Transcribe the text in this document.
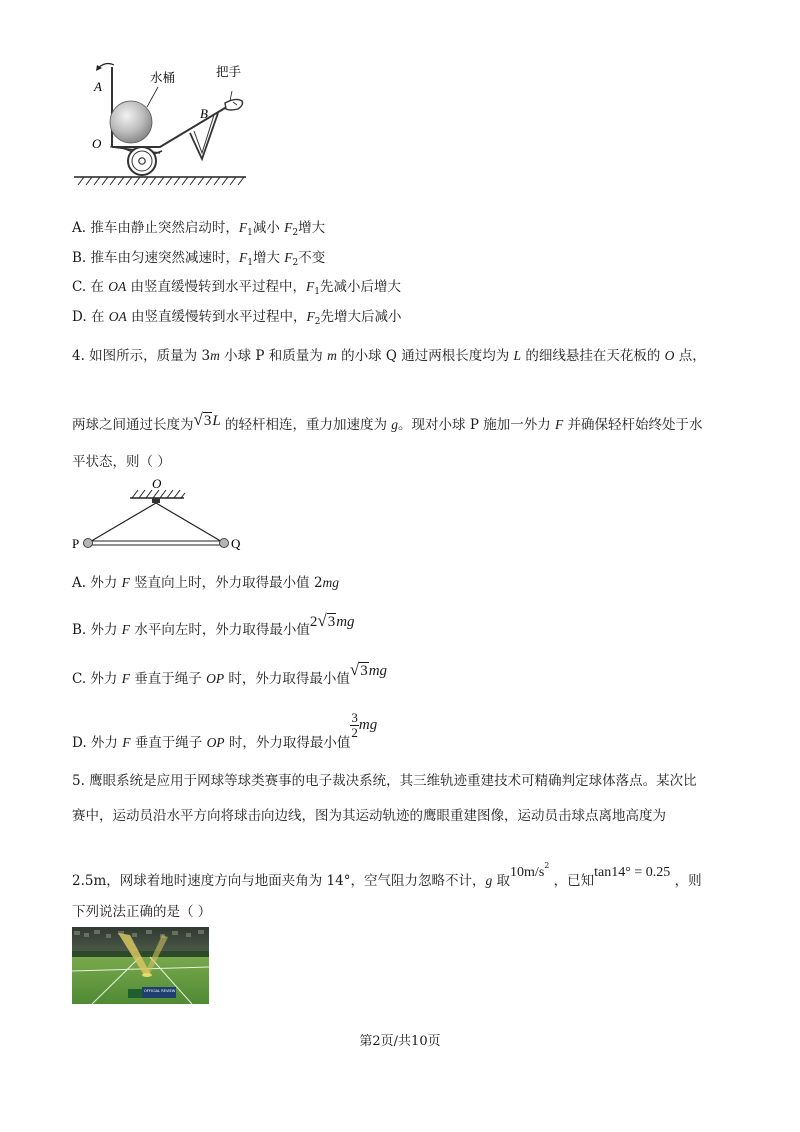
A
O
B
水桶	把手
A. 推车由静止突然启动时，$F_1$减小 $F_2$增大
B. 推车由匀速突然减速时，$F_1$增大 $F_2$不变
C. 在 OA 由竖直缓慢转到水平过程中，$F_1$先减小后增大
D. 在 OA 由竖直缓慢转到水平过程中，$F_2$先增大后减小
4. 如图所示，质量为 3m 小球 P 和质量为 m 的小球 Q 通过两根长度均为 L 的细线悬挂在天花板的 O 点，
两球之间通过长度为√3L 的轻杆相连，重力加速度为 g。现对小球 P 施加一外力 F 并确保轻杆始终处于水
平状态，则（ ）
O
P	Q
A. 外力 F 竖直向上时，外力取得最小值 2mg
B. 外力 F 水平向左时，外力取得最小值2√3mg
C. 外力 F 垂直于绳子 OP 时，外力取得最小值√3mg
D. 外力 F 垂直于绳子 OP 时，外力取得最小值
$\frac{3}{2}$ mg
5. 鹰眼系统是应用于网球等球类赛事的电子裁决系统，其三维轨迹重建技术可精确判定球体落点。某次比
赛中，运动员沿水平方向将球击向边线，图为其运动轨迹的鹰眼重建图像，运动员击球点离地高度为
2.5m，网球着地时速度方向与地面夹角为 14°，空气阻力忽略不计，g 取$10m/s^2$ ，已知tan14° = 0.25 ，则
下列说法正确的是（ ）
OFFICIAL REVIEW
第2页/共10页
